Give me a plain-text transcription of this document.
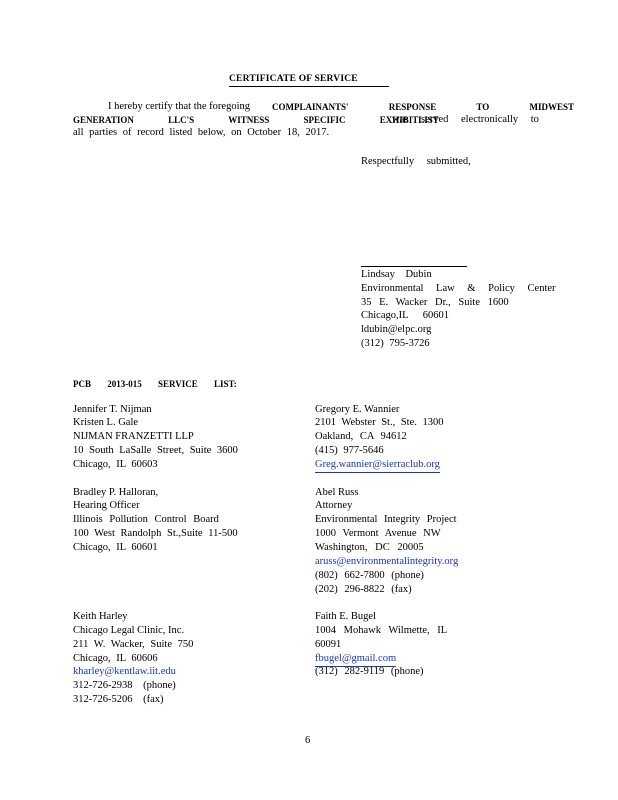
CERTIFICATE OF SERVICE
I hereby certify that the foregoing COMPLAINANTS' RESPONSE TO MIDWEST
GENERATION LLC'S WITNESS SPECIFIC EXHIBITLIST
was served electronically to
all parties of record listed below, on October 18, 2017.
Respectfully submitted,
Lindsay Dubin
Environmental Law & Policy Center
35 E. Wacker Dr., Suite 1600
Chicago,IL 60601
ldubin@elpc.org
(312) 795-3726
PCB 2013-015 SERVICE LIST:
Jennifer T. Nijman
Kristen L. Gale
NIJMAN FRANZETTI LLP
10 South LaSalle Street, Suite 3600
Chicago, IL 60603
Gregory E. Wannier
2101 Webster St., Ste. 1300
Oakland, CA 94612
(415) 977-5646
Greg.wannier@sierraclub.org
Bradley P. Halloran,
Hearing Officer
Illinois Pollution Control Board
100 West Randolph St.,Suite 11-500
Chicago, IL 60601
Abel Russ
Attorney
Environmental Integrity Project
1000 Vermont Avenue NW
Washington, DC 20005
aruss@environmentalintegrity.org
(802) 662-7800 (phone)
(202) 296-8822 (fax)
Keith Harley
Chicago Legal Clinic, Inc.
211 W. Wacker, Suite 750
Chicago, IL 60606
kharley@kentlaw.iit.edu
312-726-2938 (phone)
312-726-5206 (fax)
Faith E. Bugel
1004 Mohawk Wilmette, IL
60091
fbugel@gmail.com
(312) 282-9119 (phone)
6
